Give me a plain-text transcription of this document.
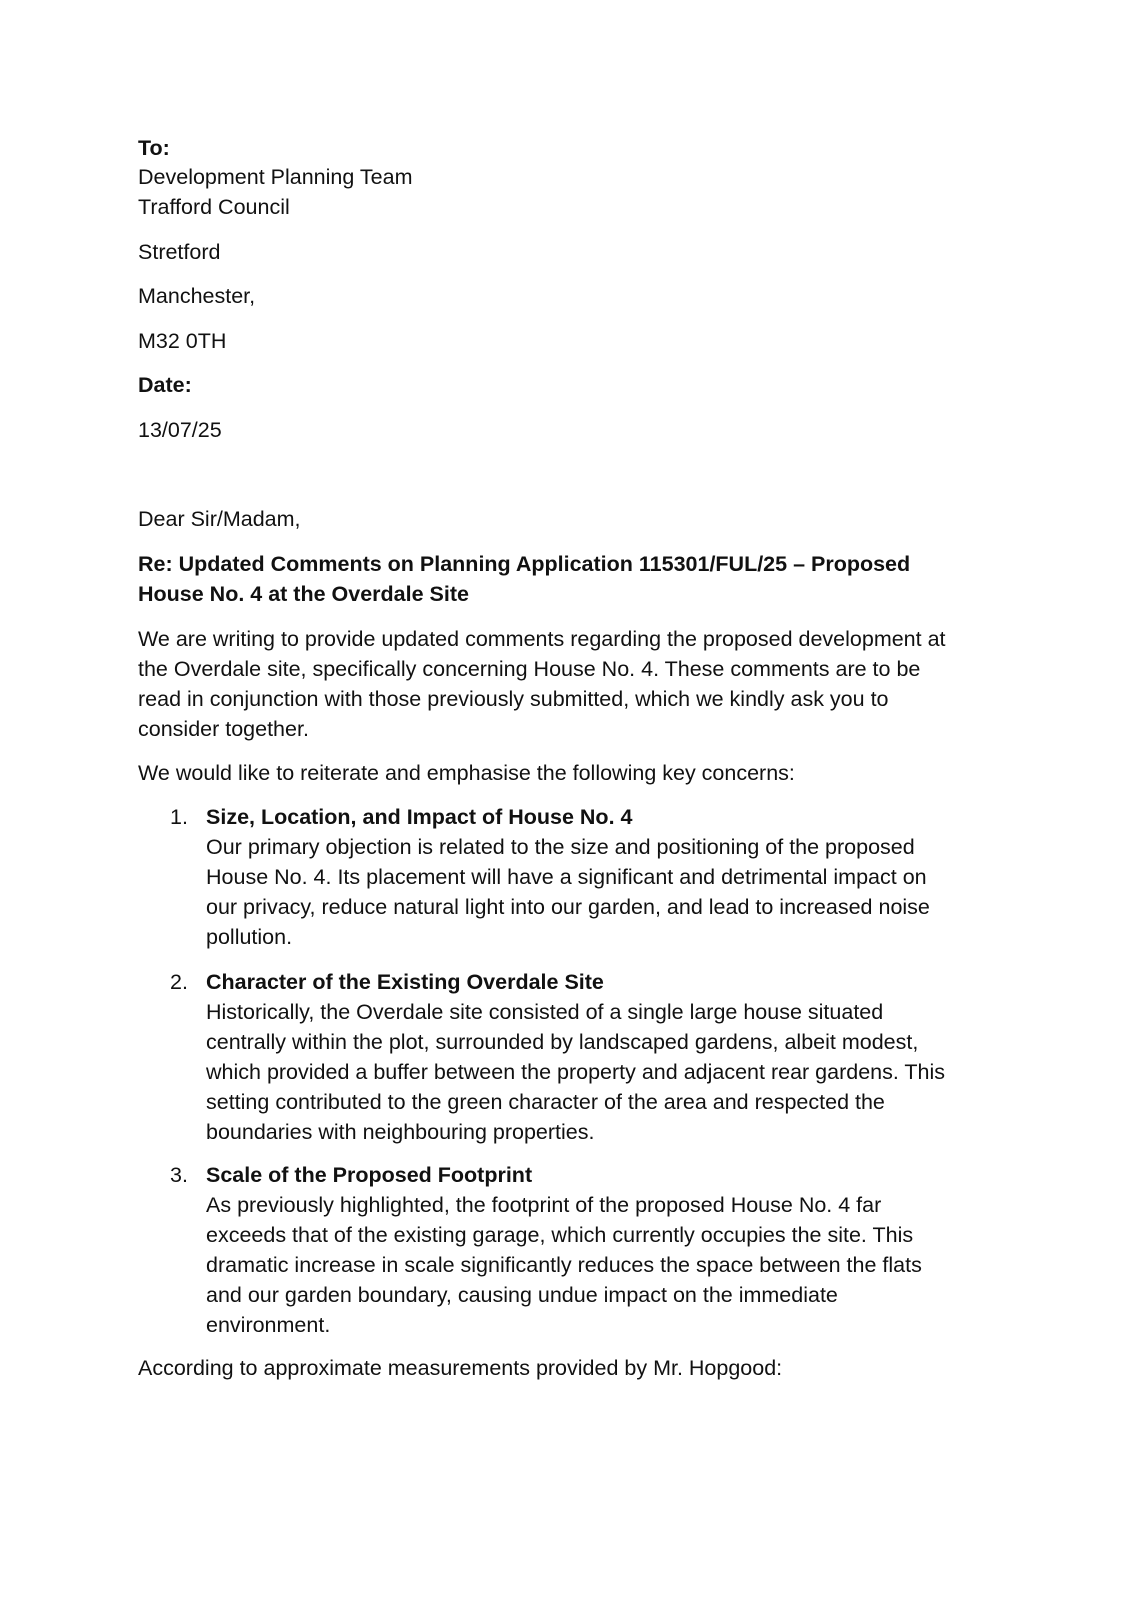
To:
Development Planning Team
Trafford Council
Stretford
Manchester,
M32 0TH
Date:
13/07/25
Dear Sir/Madam,
Re: Updated Comments on Planning Application 115301/FUL/25 – Proposed
House No. 4 at the Overdale Site
We are writing to provide updated comments regarding the proposed development at
the Overdale site, specifically concerning House No. 4. These comments are to be
read in conjunction with those previously submitted, which we kindly ask you to
consider together.
We would like to reiterate and emphasise the following key concerns:
1. Size, Location, and Impact of House No. 4
Our primary objection is related to the size and positioning of the proposed
House No. 4. Its placement will have a significant and detrimental impact on
our privacy, reduce natural light into our garden, and lead to increased noise
pollution.
2. Character of the Existing Overdale Site
Historically, the Overdale site consisted of a single large house situated
centrally within the plot, surrounded by landscaped gardens, albeit modest,
which provided a buffer between the property and adjacent rear gardens. This
setting contributed to the green character of the area and respected the
boundaries with neighbouring properties.
3. Scale of the Proposed Footprint
As previously highlighted, the footprint of the proposed House No. 4 far
exceeds that of the existing garage, which currently occupies the site. This
dramatic increase in scale significantly reduces the space between the flats
and our garden boundary, causing undue impact on the immediate
environment.
According to approximate measurements provided by Mr. Hopgood:
